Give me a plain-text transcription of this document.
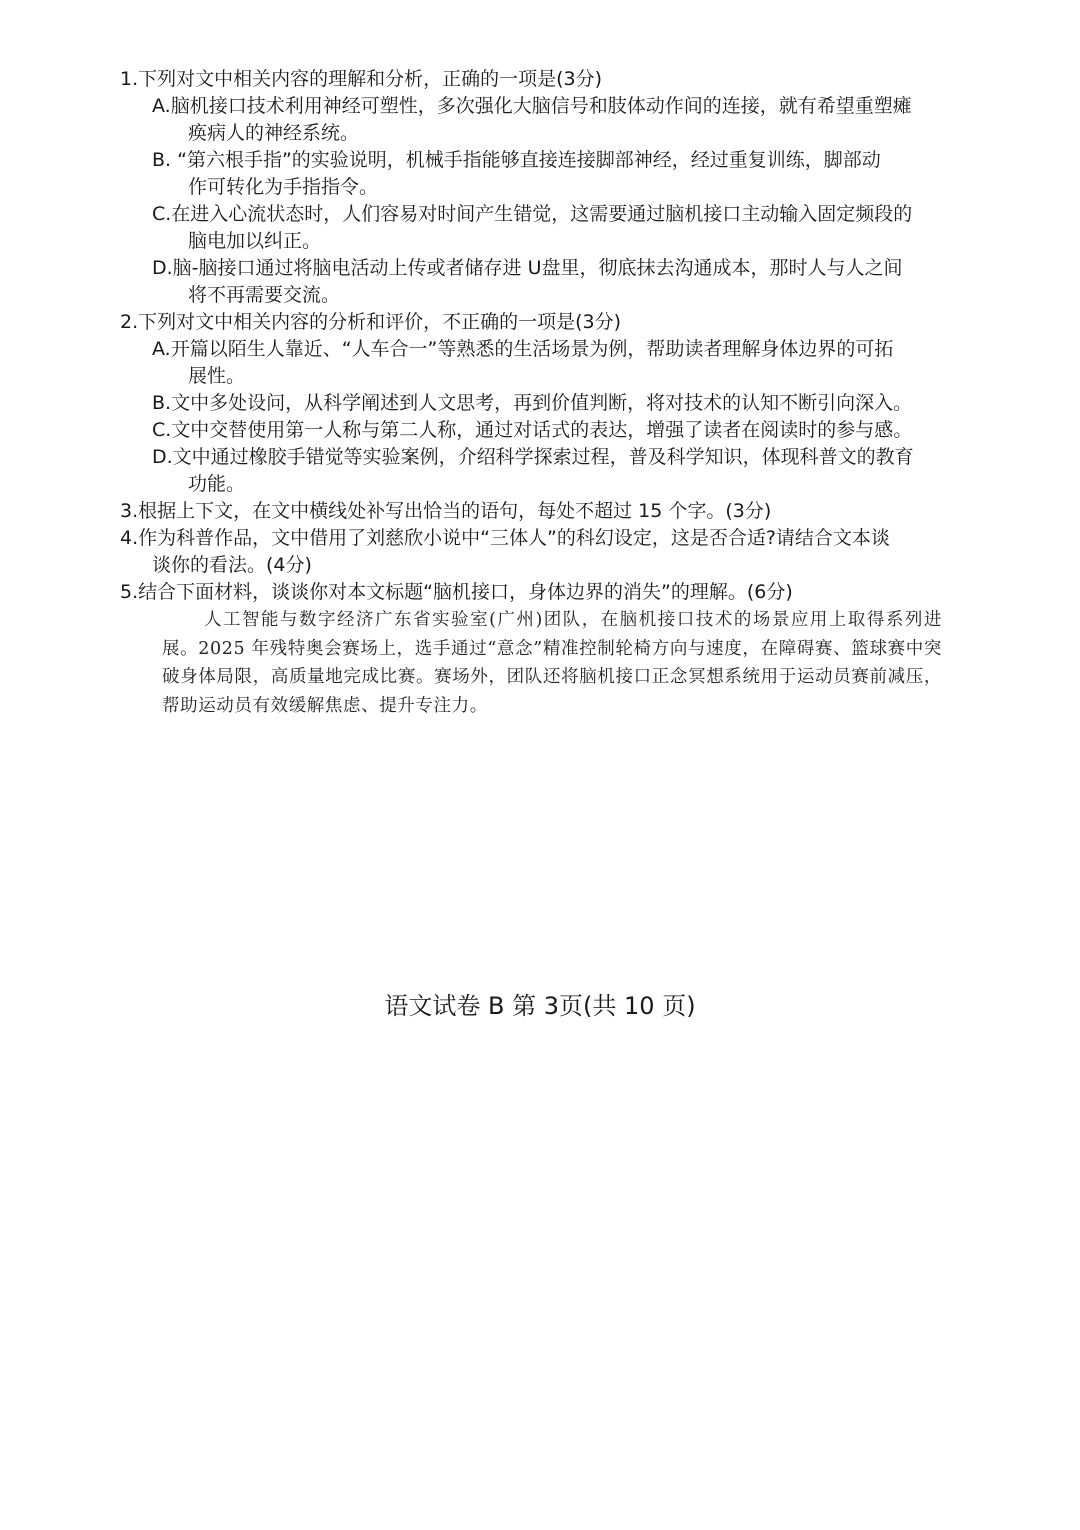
1.下列对文中相关内容的理解和分析，正确的一项是(3分)
A.脑机接口技术利用神经可塑性，多次强化大脑信号和肢体动作间的连接，就有希望重塑瘫
痪病人的神经系统。
B. “第六根手指”的实验说明，机械手指能够直接连接脚部神经，经过重复训练，脚部动
作可转化为手指指令。
C.在进入心流状态时，人们容易对时间产生错觉，这需要通过脑机接口主动输入固定频段的
脑电加以纠正。
D.脑-脑接口通过将脑电活动上传或者储存进 U盘里，彻底抹去沟通成本，那时人与人之间
将不再需要交流。
2.下列对文中相关内容的分析和评价，不正确的一项是(3分)
A.开篇以陌生人靠近、“人车合一”等熟悉的生活场景为例，帮助读者理解身体边界的可拓
展性。
B.文中多处设问，从科学阐述到人文思考，再到价值判断，将对技术的认知不断引向深入。
C.文中交替使用第一人称与第二人称，通过对话式的表达，增强了读者在阅读时的参与感。
D.文中通过橡胶手错觉等实验案例，介绍科学探索过程，普及科学知识，体现科普文的教育
功能。
3.根据上下文，在文中横线处补写出恰当的语句，每处不超过 15 个字。(3分)
4.作为科普作品，文中借用了刘慈欣小说中“三体人”的科幻设定，这是否合适?请结合文本谈
谈你的看法。(4分)
5.结合下面材料，谈谈你对本文标题“脑机接口，身体边界的消失”的理解。(6分)
人工智能与数字经济广东省实验室(广州)团队，在脑机接口技术的场景应用上取得系列进展。2025 年残特奥会赛场上，选手通过“意念”精准控制轮椅方向与速度，在障碍赛、篮球赛中突破身体局限，高质量地完成比赛。赛场外，团队还将脑机接口正念冥想系统用于运动员赛前减压，帮助运动员有效缓解焦虑、提升专注力。
语文试卷 B 第 3页(共 10 页)
